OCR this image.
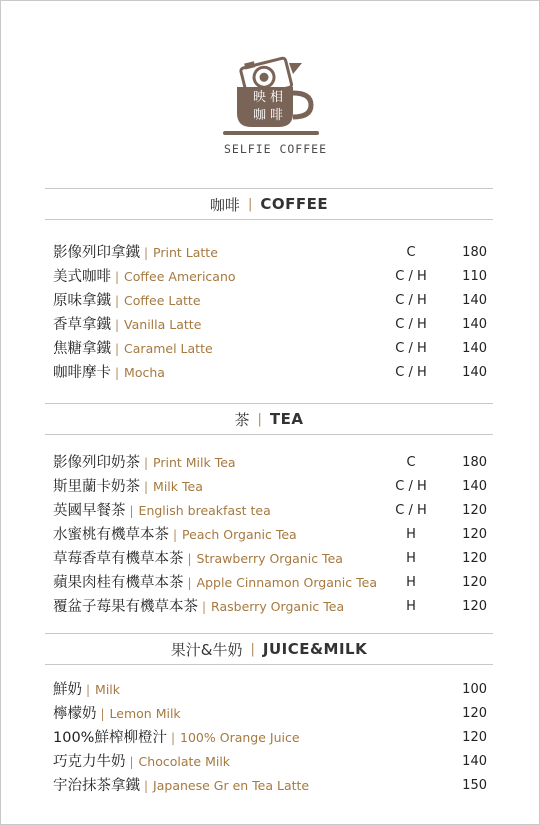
映相
咖啡
SELFIE COFFEE
咖啡 | COFFEE
影像列印拿鐵 | Print Latte	C	180
美式咖啡 | Coffee Americano	C / H	110
原味拿鐵 | Coffee Latte	C / H	140
香草拿鐵 | Vanilla Latte	C / H	140
焦糖拿鐵 | Caramel Latte	C / H	140
咖啡摩卡 | Mocha	C / H	140
茶 | TEA
影像列印奶茶 | Print Milk Tea	C	180
斯里蘭卡奶茶 | Milk Tea	C / H	140
英國早餐茶 | English breakfast tea	C / H	120
水蜜桃有機草本茶 | Peach Organic Tea	H	120
草莓香草有機草本茶 | Strawberry Organic Tea	H	120
蘋果肉桂有機草本茶 | Apple Cinnamon Organic Tea	H	120
覆盆子莓果有機草本茶 | Rasberry Organic Tea	H	120
果汁&牛奶 | JUICE&MILK
鮮奶 | Milk	100
檸檬奶 | Lemon Milk	120
100%鮮榨柳橙汁 | 100% Orange Juice	120
巧克力牛奶 | Chocolate Milk	140
宇治抹茶拿鐵 | Japanese Gr en Tea Latte	150
